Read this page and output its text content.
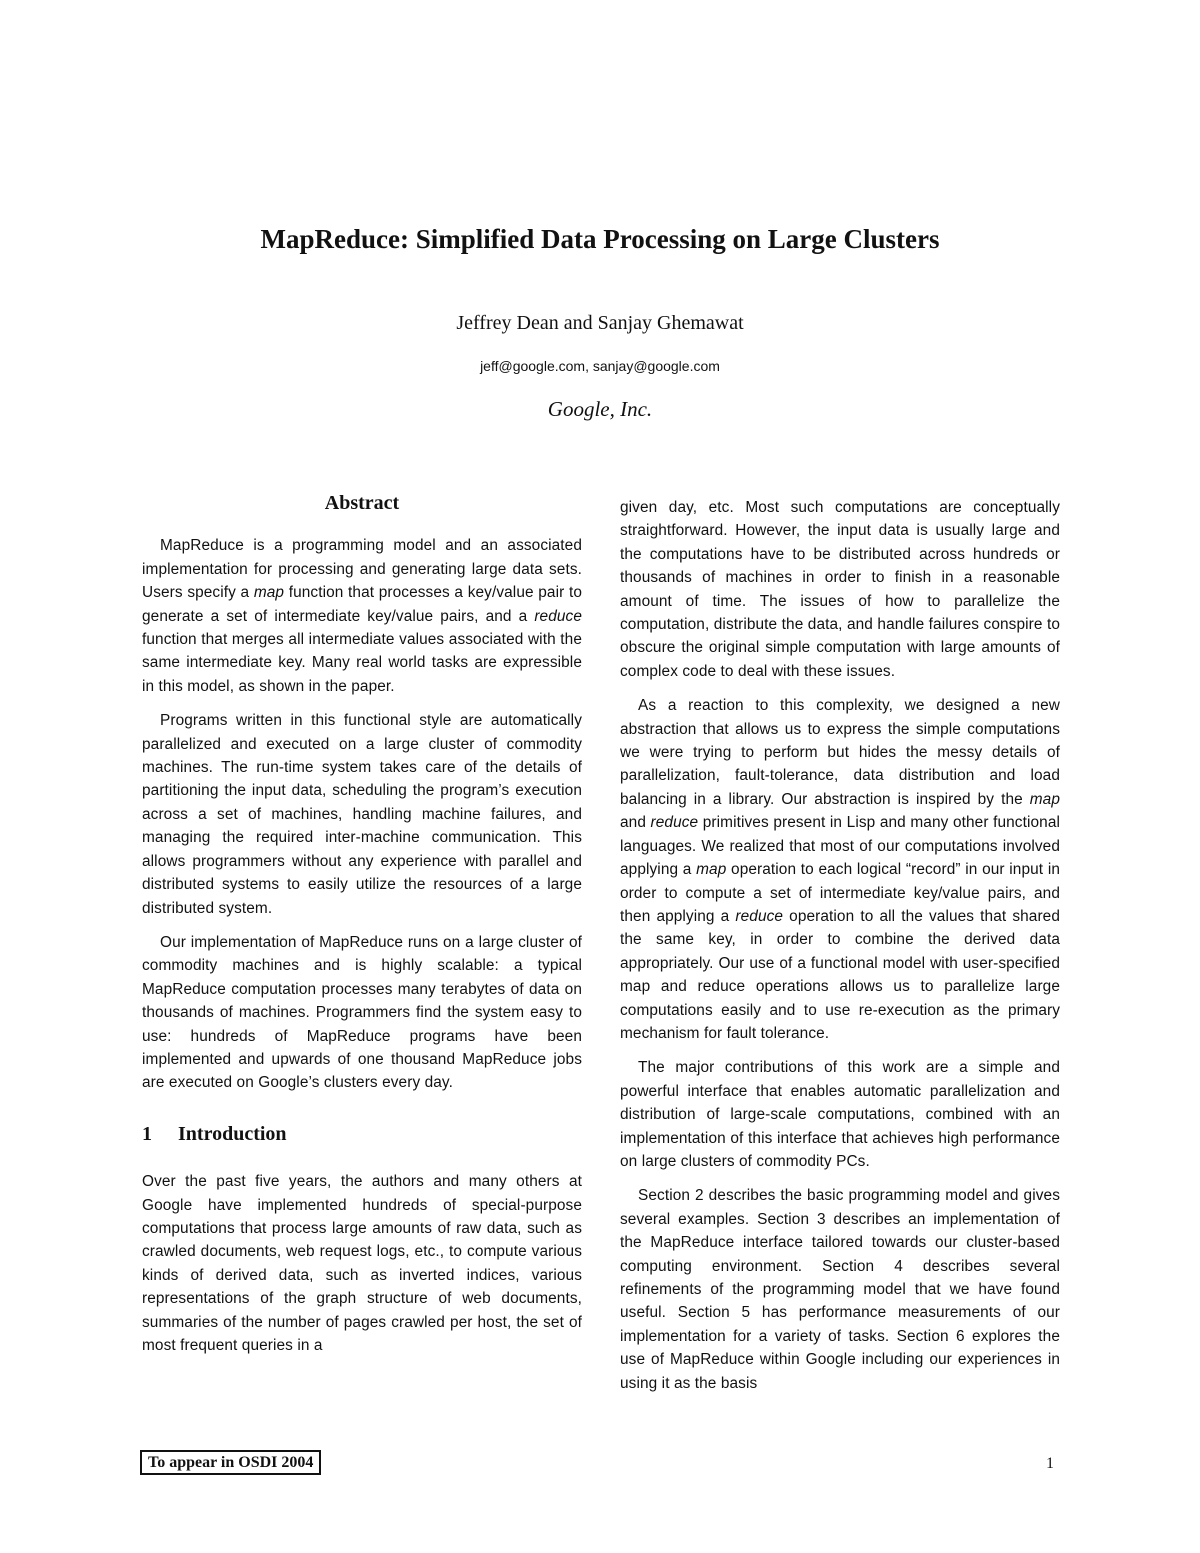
MapReduce: Simplified Data Processing on Large Clusters
Jeffrey Dean and Sanjay Ghemawat
jeff@google.com, sanjay@google.com
Google, Inc.
Abstract

MapReduce is a programming model and an associated implementation for processing and generating large data sets. Users specify a map function that processes a key/value pair to generate a set of intermediate key/value pairs, and a reduce function that merges all intermediate values associated with the same intermediate key. Many real world tasks are expressible in this model, as shown in the paper.

Programs written in this functional style are automatically parallelized and executed on a large cluster of commodity machines. The run-time system takes care of the details of partitioning the input data, scheduling the program’s execution across a set of machines, handling machine failures, and managing the required inter-machine communication. This allows programmers without any experience with parallel and distributed systems to easily utilize the resources of a large distributed system.

Our implementation of MapReduce runs on a large cluster of commodity machines and is highly scalable: a typical MapReduce computation processes many terabytes of data on thousands of machines. Programmers find the system easy to use: hundreds of MapReduce programs have been implemented and upwards of one thousand MapReduce jobs are executed on Google’s clusters every day.

1 Introduction

Over the past five years, the authors and many others at Google have implemented hundreds of special-purpose computations that process large amounts of raw data, such as crawled documents, web request logs, etc., to compute various kinds of derived data, such as inverted indices, various representations of the graph structure of web documents, summaries of the number of pages crawled per host, the set of most frequent queries in a

given day, etc. Most such computations are conceptually straightforward. However, the input data is usually large and the computations have to be distributed across hundreds or thousands of machines in order to finish in a reasonable amount of time. The issues of how to parallelize the computation, distribute the data, and handle failures conspire to obscure the original simple computation with large amounts of complex code to deal with these issues.

As a reaction to this complexity, we designed a new abstraction that allows us to express the simple computations we were trying to perform but hides the messy details of parallelization, fault-tolerance, data distribution and load balancing in a library. Our abstraction is inspired by the map and reduce primitives present in Lisp and many other functional languages. We realized that most of our computations involved applying a map operation to each logical “record” in our input in order to compute a set of intermediate key/value pairs, and then applying a reduce operation to all the values that shared the same key, in order to combine the derived data appropriately. Our use of a functional model with user-specified map and reduce operations allows us to parallelize large computations easily and to use re-execution as the primary mechanism for fault tolerance.

The major contributions of this work are a simple and powerful interface that enables automatic parallelization and distribution of large-scale computations, combined with an implementation of this interface that achieves high performance on large clusters of commodity PCs.

Section 2 describes the basic programming model and gives several examples. Section 3 describes an implementation of the MapReduce interface tailored towards our cluster-based computing environment. Section 4 describes several refinements of the programming model that we have found useful. Section 5 has performance measurements of our implementation for a variety of tasks. Section 6 explores the use of MapReduce within Google including our experiences in using it as the basis

To appear in OSDI 2004	1
